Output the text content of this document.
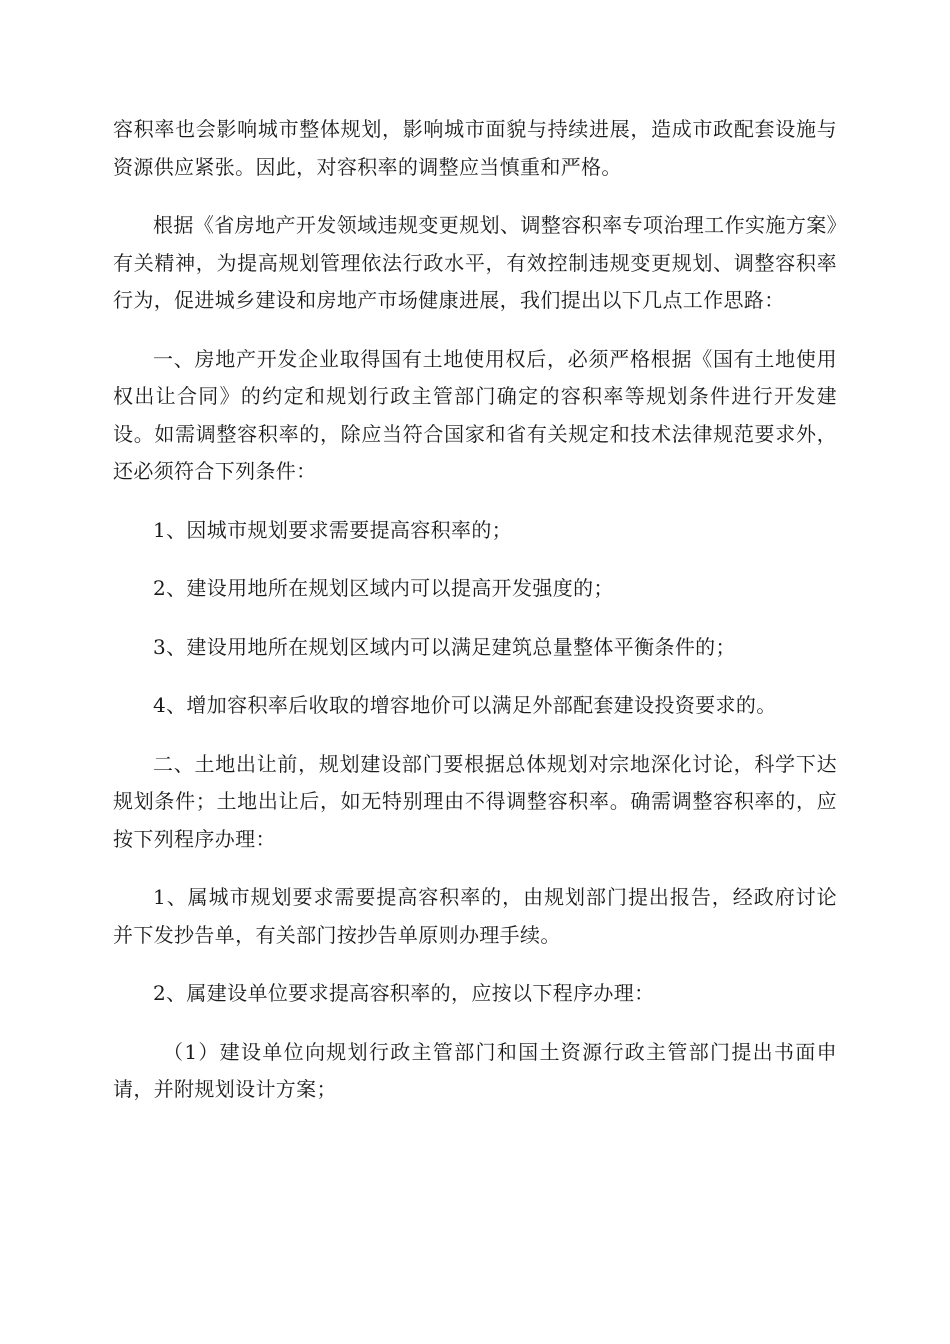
容积率也会影响城市整体规划，影响城市面貌与持续进展，造成市政配套设施与资源供应紧张。因此，对容积率的调整应当慎重和严格。

根据《省房地产开发领域违规变更规划、调整容积率专项治理工作实施方案》有关精神，为提高规划管理依法行政水平，有效控制违规变更规划、调整容积率行为，促进城乡建设和房地产市场健康进展，我们提出以下几点工作思路：

一、房地产开发企业取得国有土地使用权后，必须严格根据《国有土地使用权出让合同》的约定和规划行政主管部门确定的容积率等规划条件进行开发建设。如需调整容积率的，除应当符合国家和省有关规定和技术法律规范要求外，还必须符合下列条件：

1、因城市规划要求需要提高容积率的；

2、建设用地所在规划区域内可以提高开发强度的；

3、建设用地所在规划区域内可以满足建筑总量整体平衡条件的；

4、增加容积率后收取的增容地价可以满足外部配套建设投资要求的。

二、土地出让前，规划建设部门要根据总体规划对宗地深化讨论，科学下达规划条件；土地出让后，如无特别理由不得调整容积率。确需调整容积率的，应按下列程序办理：

1、属城市规划要求需要提高容积率的，由规划部门提出报告，经政府讨论并下发抄告单，有关部门按抄告单原则办理手续。

2、属建设单位要求提高容积率的，应按以下程序办理：

（1）建设单位向规划行政主管部门和国土资源行政主管部门提出书面申请，并附规划设计方案；
